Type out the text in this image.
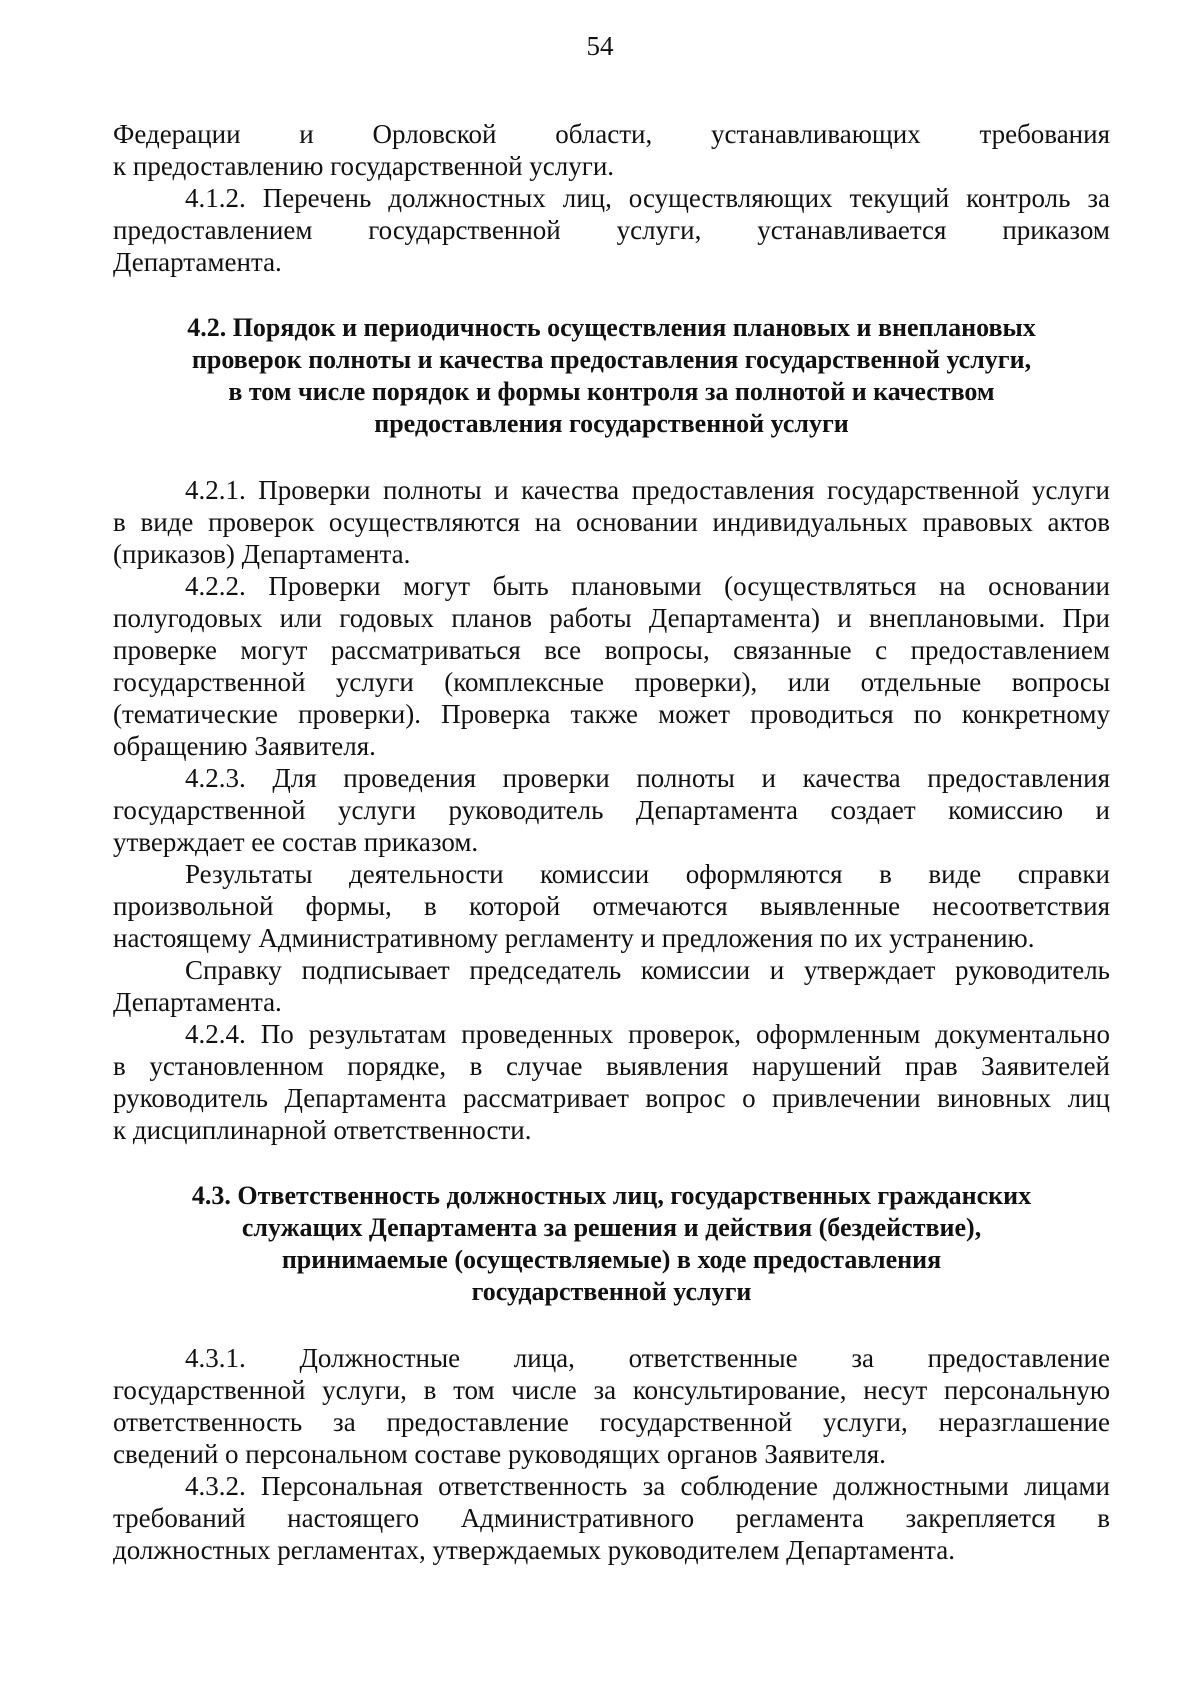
54
Федерации и Орловской области, устанавливающих требования
к предоставлению государственной услуги.
4.1.2. Перечень должностных лиц, осуществляющих текущий контроль за
предоставлением государственной услуги, устанавливается приказом
Департамента.
4.2. Порядок и периодичность осуществления плановых и внеплановых
проверок полноты и качества предоставления государственной услуги,
в том числе порядок и формы контроля за полнотой и качеством
предоставления государственной услуги
4.2.1. Проверки полноты и качества предоставления государственной услуги
в виде проверок осуществляются на основании индивидуальных правовых актов
(приказов) Департамента.
4.2.2. Проверки могут быть плановыми (осуществляться на основании
полугодовых или годовых планов работы Департамента) и внеплановыми. При
проверке могут рассматриваться все вопросы, связанные с предоставлением
государственной услуги (комплексные проверки), или отдельные вопросы
(тематические проверки). Проверка также может проводиться по конкретному
обращению Заявителя.
4.2.3. Для проведения проверки полноты и качества предоставления
государственной услуги руководитель Департамента создает комиссию и
утверждает ее состав приказом.
Результаты деятельности комиссии оформляются в виде справки
произвольной формы, в которой отмечаются выявленные несоответствия
настоящему Административному регламенту и предложения по их устранению.
Справку подписывает председатель комиссии и утверждает руководитель
Департамента.
4.2.4. По результатам проведенных проверок, оформленным документально
в установленном порядке, в случае выявления нарушений прав Заявителей
руководитель Департамента рассматривает вопрос о привлечении виновных лиц
к дисциплинарной ответственности.
4.3. Ответственность должностных лиц, государственных гражданских
служащих Департамента за решения и действия (бездействие),
принимаемые (осуществляемые) в ходе предоставления
государственной услуги
4.3.1. Должностные лица, ответственные за предоставление
государственной услуги, в том числе за консультирование, несут персональную
ответственность за предоставление государственной услуги, неразглашение
сведений о персональном составе руководящих органов Заявителя.
4.3.2. Персональная ответственность за соблюдение должностными лицами
требований настоящего Административного регламента закрепляется в
должностных регламентах, утверждаемых руководителем Департамента.
